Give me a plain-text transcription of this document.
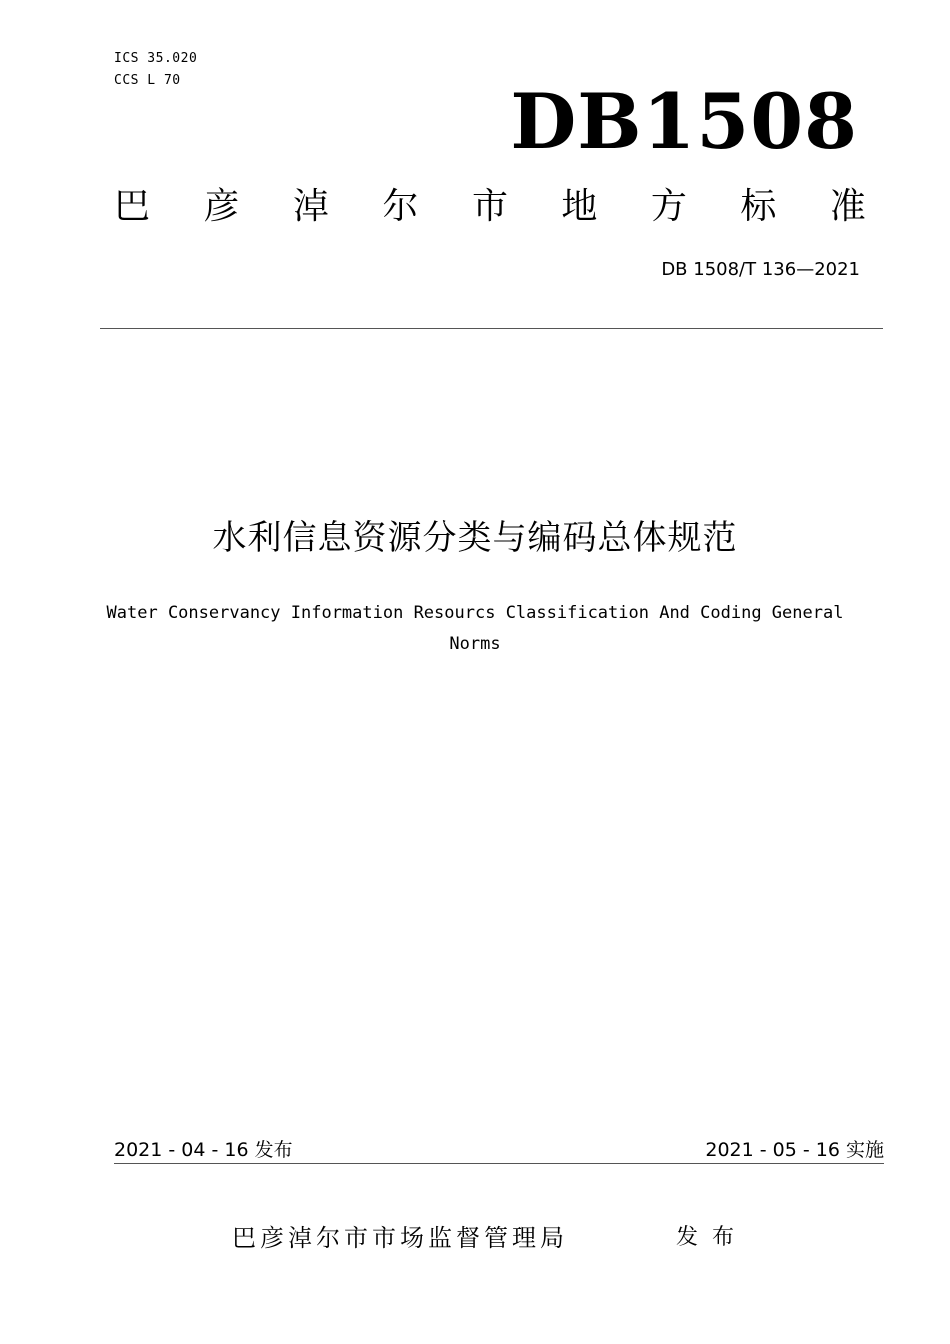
ICS 35.020
CCS L 70	DB1508
巴 彦 淖 尔 市 地 方 标 准
DB 1508/T 136—2021
水利信息资源分类与编码总体规范
Water Conservancy Information Resourcs Classification And Coding General
Norms
2021 - 04 - 16 发布	2021 - 05 - 16 实施
巴彦淖尔市市场监督管理局	发布
